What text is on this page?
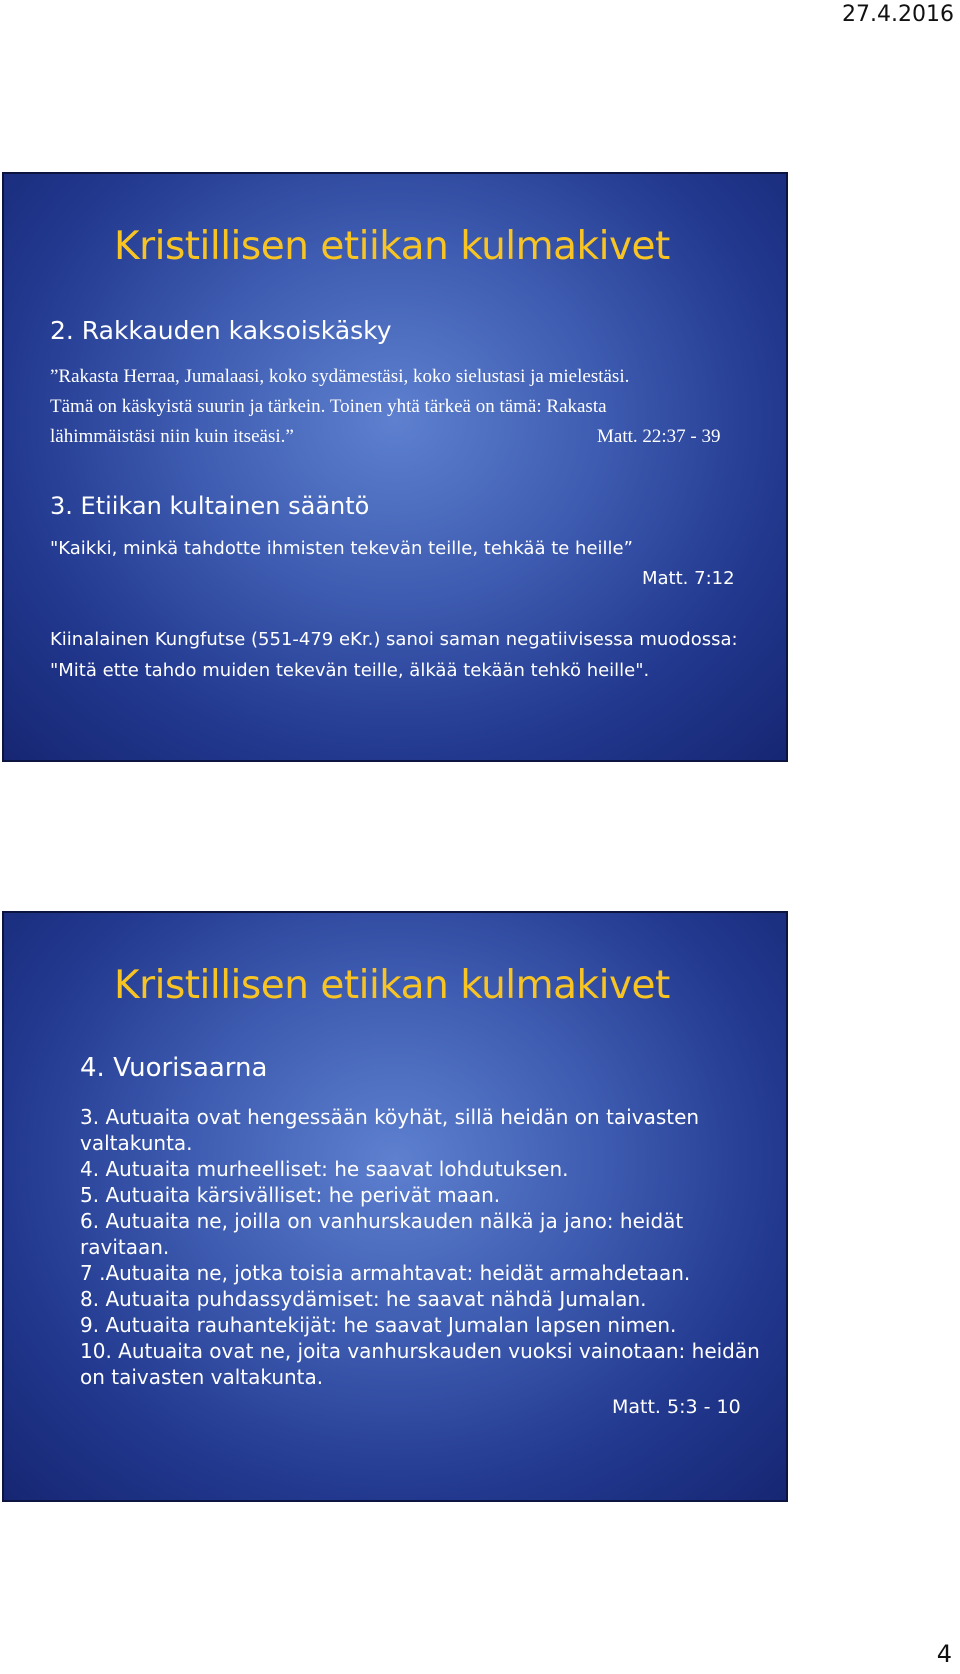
27.4.2016
Kristillisen etiikan kulmakivet
2. Rakkauden kaksoiskäsky
”Rakasta Herraa, Jumalaasi, koko sydämestäsi, koko sielustasi ja mielestäsi.
Tämä on käskyistä suurin ja tärkein. Toinen yhtä tärkeä on tämä: Rakasta
lähimmäistäsi niin kuin itseäsi.”	Matt. 22:37 - 39
3. Etiikan kultainen sääntö
"Kaikki, minkä tahdotte ihmisten tekevän teille, tehkää te heille”
Matt. 7:12
Kiinalainen Kungfutse (551-479 eKr.) sanoi saman negatiivisessa muodossa:
"Mitä ette tahdo muiden tekevän teille, älkää tekään tehkö heille".
Kristillisen etiikan kulmakivet
4. Vuorisaarna
3. Autuaita ovat hengessään köyhät, sillä heidän on taivasten
valtakunta.
4. Autuaita murheelliset: he saavat lohdutuksen.
5. Autuaita kärsivälliset: he perivät maan.
6. Autuaita ne, joilla on vanhurskauden nälkä ja jano: heidät
ravitaan.
7 .Autuaita ne, jotka toisia armahtavat: heidät armahdetaan.
8. Autuaita puhdassydämiset: he saavat nähdä Jumalan.
9. Autuaita rauhantekijät: he saavat Jumalan lapsen nimen.
10. Autuaita ovat ne, joita vanhurskauden vuoksi vainotaan: heidän
on taivasten valtakunta.
Matt. 5:3 - 10
4
